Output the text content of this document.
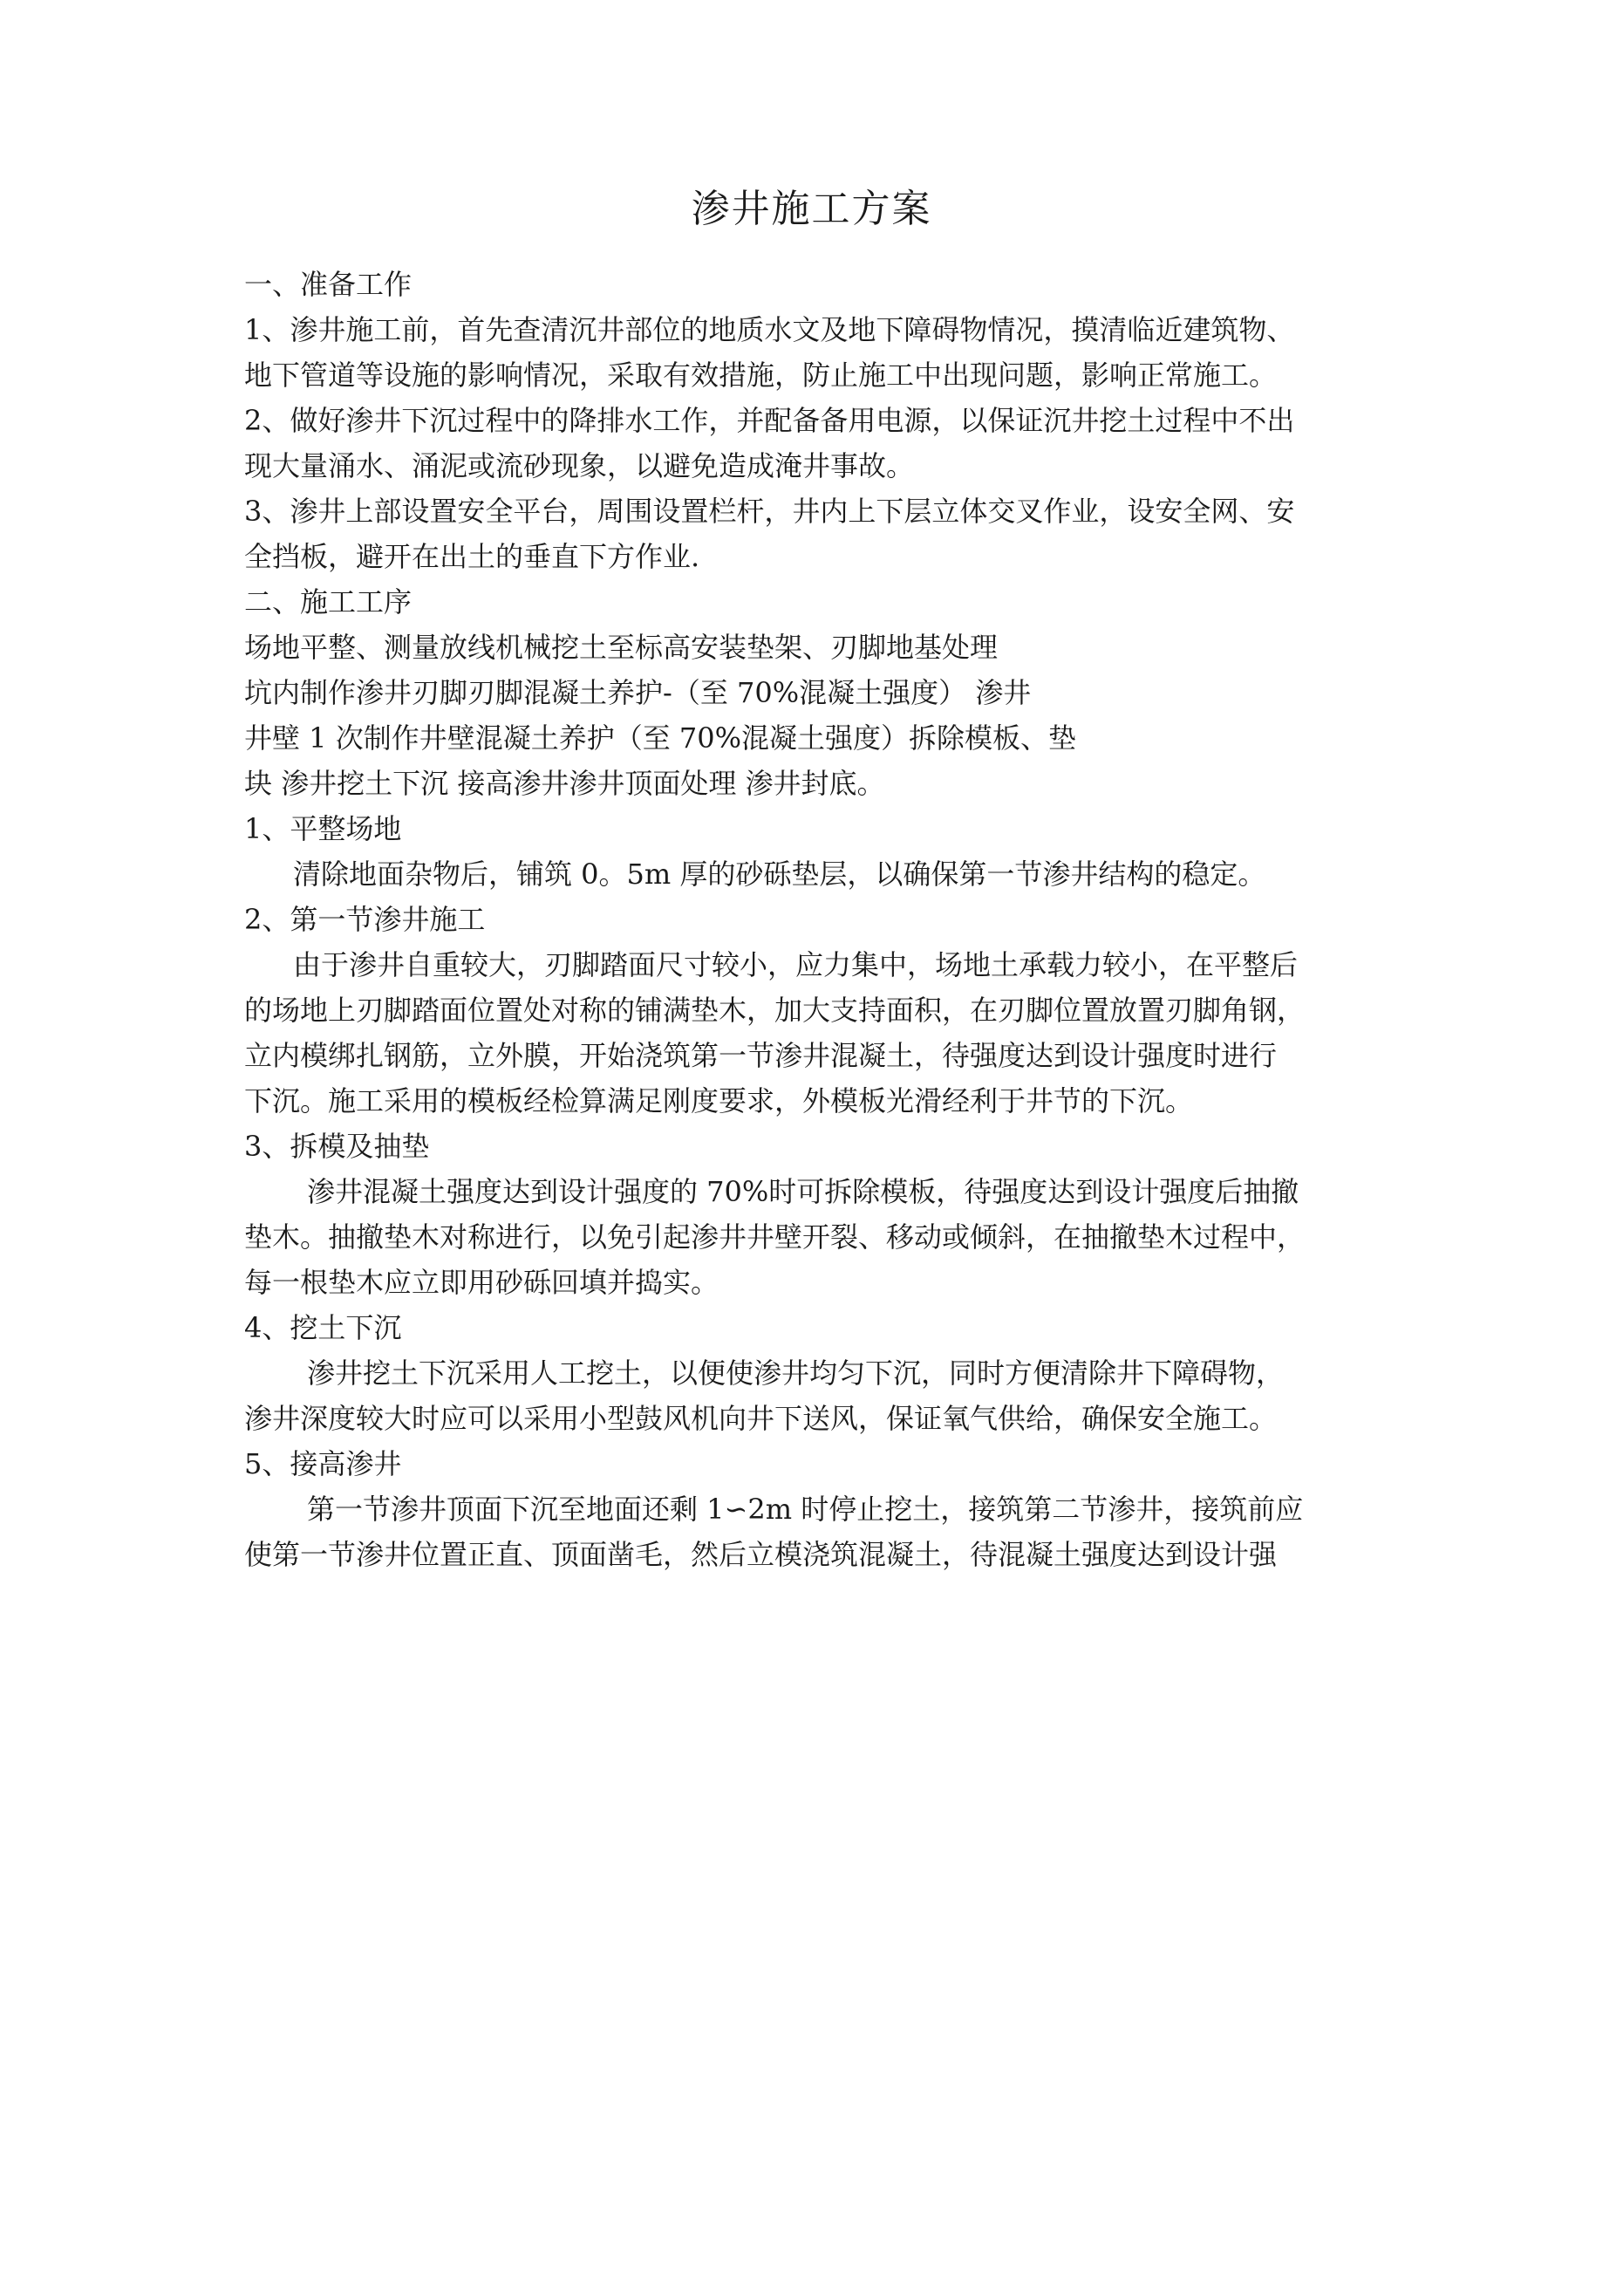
渗井施工方案

一、准备工作

1、渗井施工前，首先查清沉井部位的地质水文及地下障碍物情况，摸清临近建筑物、

地下管道等设施的影响情况，采取有效措施，防止施工中出现问题，影响正常施工。

2、做好渗井下沉过程中的降排水工作，并配备备用电源，以保证沉井挖土过程中不出

现大量涌水、涌泥或流砂现象，以避免造成淹井事故。

3、渗井上部设置安全平台，周围设置栏杆，井内上下层立体交叉作业，设安全网、安

全挡板，避开在出土的垂直下方作业.

二、施工工序

场地平整、测量放线机械挖土至标高安装垫架、刃脚地基处理

坑内制作渗井刃脚刃脚混凝土养护-（至 70%混凝土强度） 渗井

井壁 1 次制作井壁混凝土养护（至 70%混凝土强度）拆除模板、垫

块 渗井挖土下沉 接高渗井渗井顶面处理 渗井封底。

1、平整场地

清除地面杂物后，铺筑 0。5m 厚的砂砾垫层，以确保第一节渗井结构的稳定。

2、第一节渗井施工

由于渗井自重较大，刃脚踏面尺寸较小，应力集中，场地土承载力较小，在平整后

的场地上刃脚踏面位置处对称的铺满垫木，加大支持面积，在刃脚位置放置刃脚角钢，

立内模绑扎钢筋，立外膜，开始浇筑第一节渗井混凝土，待强度达到设计强度时进行

下沉。施工采用的模板经检算满足刚度要求，外模板光滑经利于井节的下沉。

3、拆模及抽垫

渗井混凝土强度达到设计强度的 70%时可拆除模板，待强度达到设计强度后抽撤

垫木。抽撤垫木对称进行，以免引起渗井井壁开裂、移动或倾斜，在抽撤垫木过程中，

每一根垫木应立即用砂砾回填并捣实。

4、挖土下沉

渗井挖土下沉采用人工挖土，以便使渗井均匀下沉，同时方便清除井下障碍物，

渗井深度较大时应可以采用小型鼓风机向井下送风，保证氧气供给，确保安全施工。

5、接高渗井

第一节渗井顶面下沉至地面还剩 1∽2m 时停止挖土，接筑第二节渗井，接筑前应

使第一节渗井位置正直、顶面凿毛，然后立模浇筑混凝土，待混凝土强度达到设计强
